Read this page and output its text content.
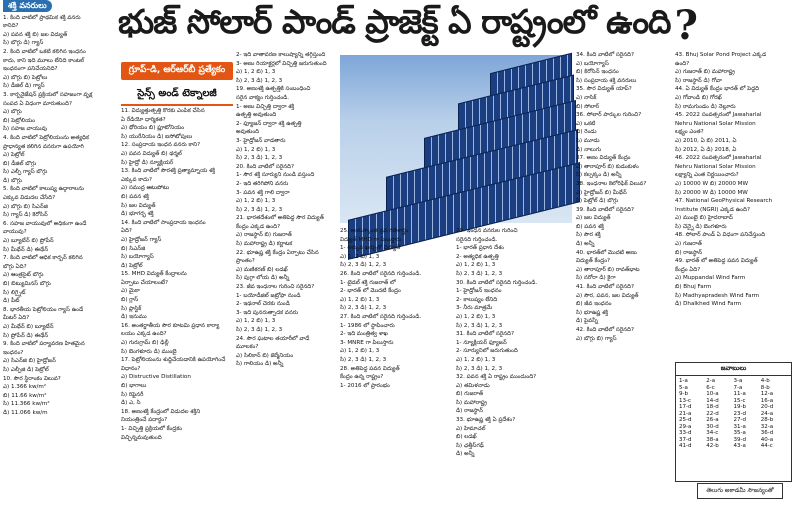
భుజ్ సోలార్ పాండ్ ప్రాజెక్ట్ ఏ రాష్ట్రంలో ఉంది ?
గ్రూప్-డి, ఆర్ఆర్‌బీ ప్రత్యేకం
సైన్స్ అండ్ టెక్నాలజీ
శక్తి వనరులు

1. కింది వాటిలో ప్రాథమిక శక్తి వనరు

కానిది?

ఎ) పవన శక్తి బి) జల విద్యుత్

సి) బొగ్గు డి) గ్యాస్

2. కింది వాటిలో ఒకటి కలిగిన ఇంధనం

కాదు, కాని ఇది మూలు లేనిది కాంటల్

ఇంధనంగా పనిచేయనిది?

ఎ) బొగ్గు బి) పెట్రోలు

సి) డీజిల్ డి) గ్యాస్

3. కార్బనైజేషన్ ప్రక్రియలో సహజంగా వృక్ష

సంపద ఏ విధంగా మారుతుంది?

ఎ) బొగ్గు

బి) పెట్రోలియం

సి) సహజ వాయువు

4. కింది వాటిలో పెట్రోలియంను అత్యధిక

ప్రాధాన్యత కలిగిన వనరుగా ఉపయోగి

ఎ) పెట్రోల్

బి) డీజిల్ బొగ్గు

సి) ఎల్పీ గ్యాస్ బొగ్గు

డి) బొగ్గు

5. కింది వాటిలో కాలుష్య ఉద్గారాలను

ఎక్కువ విడుదల చేసేది?

ఎ) బొగ్గు బి) సిఎన్‌జి

సి) గ్యాస్ డి) కెరోసిన్

6. సహజ వాయువులో అధికంగా ఉండే

వాయువు?

ఎ) బ్యూటేన్ బి) ప్రోపేన్

సి) మీథేన్ డి) ఈథేన్

7. కింది వాటిలో ఆధిక కార్బన్ కలిగిన

బొగ్గు ఏది?

ఎ) ఆంత్రసైట్ బొగ్గు

బి) బిట్యుమినస్ బొగ్గు

సి) లిగ్నైట్

డి) పీట్

8. భారతీయ పెట్రోలియం గ్యాస్ ఉండే

మీటర్ ఏది?

ఎ) మీథేన్ బి) బ్యూటేన్

సి) ప్రోపేన్ డి) ఈథేన్

9. కింది వాటిలో పర్యావరణ హితమైన

ఇంధనం?

ఎ) సిఎన్‌జి బి) హైడ్రోజన్

సి) ఎల్పీజి డి) పెట్రోల్

10. సౌర స్థిరాంకం విలువ?

ఎ) 1.366 kw/m²

బి) 11.66 kw/m²

సి) 11.366 kw/m²

డి) 11.066 kw/m

11. విద్యుత్తుత్పత్తి కొరకు ఎంపిక చేసిన

ఏ రేడియో ధార్మికత?

ఎ) థోరియం బి) ప్లూటోనియం

సి) యురేనియం డి) ఐసోటోపులు

12. సంప్రదాయ ఇంధన వనరు కాని?

ఎ) పవన విద్యుత్ బి) థర్మల్

సి) హైడ్రో డి) న్యూక్లియర్

13. కింది వాటిలో సౌరశక్తి ప్రత్యామ్నాయ శక్తి

ఎక్కువ కాదు?

ఎ) సముద్ర ఆటుపోటు

బి) పవన శక్తి

సి) జల విద్యుత్

డి) భూగర్భ శక్తి

14. కింది వాటిలో సాంప్రదాయ ఇంధనం

ఏది?

ఎ) హైడ్రోజన్ గ్యాస్

బి) సిఎన్‌జి

సి) బయోగ్యాస్

డి) పెట్రోల్

15. MHD విద్యుత్ కేంద్రాలను

ఏర్పాటు చేయాలంటే?

ఎ) మైకా

బి) గ్లాస్

సి) ప్లాస్టిక్

డి) ఇనుము

16. అంతర్జాతీయ సౌర కూటమి ప్రధాన కార్యా

లయం ఎక్కడ ఉంది?

ఎ) గురుగ్రామ్ బి) ఢిల్లీ

సి) బెంగళూరు డి) ముంబై

17. పెట్రోలియంను శుద్ధిచేయడానికి ఉపయోగించే

విధానం?

ఎ) Distructive Distillation

బి) భాగాలు

సి) రిఫైనరీ

డి) ఎ, సి

18. అణుశక్తి కేంద్రంలో విడుదల శక్తిని

నియంత్రించే పదార్థం?

1- విచ్ఛిత్తి ప్రక్రియలో కేంద్రకం

విచ్ఛిన్నమవుతుంది

2- ఇది వాతావరణ కాలుష్యాన్ని తగ్గిస్తుంది

3- అణు రియాక్టర్లలో విచ్ఛిత్తి జరుగుతుంది

ఎ) 1, 2 బి) 1, 3

సి) 2, 3 డి) 1, 2, 3

19. అణుశక్తి ఉత్పత్తికి సంబంధించి

సరైన వాక్యం గుర్తించండి.

1- అణు విచ్ఛిత్తి ద్వారా శక్తి

ఉత్పత్తి అవుతుంది

2- ఫ్యూజన్ ద్వారా శక్తి ఉత్పత్తి

అవుతుంది

3- హైడ్రోజన్ వాడతారు

ఎ) 1, 2 బి) 1, 3

సి) 2, 3 డి) 1, 2, 3

20. కింది వాటిలో సరైనది?

1- సౌర శక్తి సూర్యుని నుండి వస్తుంది

2- ఇది తరిగిపోని వనరు

3- పవన శక్తి గాలి ద్వారా

ఎ) 1, 2 బి) 1, 3

సి) 2, 3 డి) 1, 2, 3

21. భారతదేశంలో అతిపెద్ద సౌర విద్యుత్

కేంద్రం ఎక్కడ ఉంది?

ఎ) రాజస్థాన్ బి) గుజరాత్

సి) మహారాష్ట్ర డి) కర్ణాటక

22. భూఉష్ణ శక్తి కేంద్రం ఏర్పాటు చేసిన

ప్రాంతం?

ఎ) మణికరణ్ బి) లడఖ్

సి) పుగ్గా లోయ డి) అన్నీ

23. జీవ ఇంధనాల గురించి సరైనది?

1- బయోడీజిల్ జట్రోఫా నుండి

2- ఇథనాల్ చెరకు నుండి

3- ఇది పునరుత్పాదక వనరు

ఎ) 1, 2 బి) 1, 3

సి) 2, 3 డి) 1, 2, 3

24. సౌర ఘటాల తయారీలో వాడే

మూలకం?

ఎ) సిలికాన్ బి) జెర్మేనియం

సి) గాలియం డి) అన్నీ

25. అయస్కాంత ద్రవ గతిశాస్త్రం

విద్యుత్ MHD గా పిలుస్తారు

1- తక్కువ ఖర్చుతో విద్యుత్

ఎ) 1, 2 బి) 1, 3

సి) 2, 3 డి) 1, 2, 3

26. కింది వాటిలో సరైనది గుర్తించండి.

1- టైడల్ శక్తి గుజరాత్ లో

2- భారత్ లో మొదటి కేంద్రం

ఎ) 1, 2 బి) 1, 3

సి) 2, 3 డి) 1, 2, 3

27. కింది వాటిలో సరైనది గుర్తించండి.

1- 1986 లో స్థాపించారు

2- ఇది మంత్రిత్వ శాఖ

3- MNRE గా పిలుస్తారు

ఎ) 1, 2 బి) 1, 3

సి) 2, 3 డి) 1, 2, 3

28. అతిపెద్ద పవన విద్యుత్

కేంద్రం ఉన్న రాష్ట్రం?

1- 2016 లో ప్రారంభం

29. ఇంధన వనరుల గురించి

సరైనది గుర్తించండి.

1- భారత్ ప్రధాన దేశం

2- అత్యధిక ఉత్పత్తి

ఎ) 1, 2 బి) 1, 3

సి) 2, 3 డి) 1, 2, 3

30. కింది వాటిలో సరైనది గుర్తించండి.

1- హైడ్రోజన్ ఇంధనం

2- కాలుష్యం లేనిది

3- నీరు మాత్రమే

ఎ) 1, 2 బి) 1, 3

సి) 2, 3 డి) 1, 2, 3

31. కింది వాటిలో సరైనది?

1- న్యూక్లియర్ ఫ్యూజన్

2- సూర్యునిలో జరుగుతుంది

ఎ) 1, 2 బి) 1, 3

సి) 2, 3 డి) 1, 2, 3

32. పవన శక్తి ఏ రాష్ట్రం ముందుంది?

ఎ) తమిళనాడు

బి) గుజరాత్

సి) మహారాష్ట్ర

డి) రాజస్థాన్

33. భూఉష్ణ శక్తి ఏ ప్రదేశం?

ఎ) హిమాచల్

బి) లడఖ్

సి) ఛత్తీస్‌గఢ్

డి) అన్నీ

34. కింది వాటిలో సరైనది?

ఎ) బయోగ్యాస్

బి) కిరోసిన్ ఇంధనం

సి) సంప్రదాయ శక్తి వనరులు

35. సౌర విద్యుత్ యాప్‌?

ఎ) నాసిక్

బి) సోలార్

36. సోలార్ పార్కుల గురించి?

ఎ) ఒకటి

బి) రెండు

సి) మూడు

డి) నాలుగు

37. అణు విద్యుత్ కేంద్రం

ఎ) తారాపూర్ బి) కుడంకుళం

సి) కల్పక్కం డి) అన్నీ

38. ఇంధనాల కెలోరిఫిక్ విలువ?

ఎ) హైడ్రోజన్ బి) మీథేన్

సి) పెట్రోల్ డి) బొగ్గు

39. కింది వాటిలో సరైనది?

ఎ) జల విద్యుత్

బి) పవన శక్తి

సి) సౌర శక్తి

డి) అన్నీ

40. భారత్‌లో మొదటి అణు

విద్యుత్ కేంద్రం?

ఎ) తారాపూర్ బి) రావత్‌భాట

సి) నరోరా డి) కైగా

41. కింది వాటిలో సరైనది?

ఎ) సౌర, పవన, జల విద్యుత్

బి) జీవ ఇంధనం

సి) భూఉష్ణ శక్తి

డి) పైవన్నీ

42. కింది వాటిలో సరైనది?

ఎ) బొగ్గు బి) గ్యాస్

43. Bhuj Solar Pond Project ఎక్కడ

ఉంది?

ఎ) గుజరాత్ బి) మహారాష్ట్ర

సి) రాజస్థాన్ డి) గోవా

44. ఏ విద్యుత్ కేంద్రం భారత్ లో పెద్దది

ఎ) గోవాండి బి) గోరఖ్

సి) రామగుండం డి) నెల్లూరు

45. 2022 సంవత్సరంలో Jawaharlal

Nehru National Solar Mission

లక్ష్యం ఎంత?

ఎ) 2010, ఏ బి) 2011, ఏ

సి) 2012, ఏ డి) 2018, ఏ

46. 2022 సంవత్సరంలో Jawaharlal

Nehru National Solar Mission

లక్ష్యాన్ని ఎంత నిర్ణయించారు?

ఎ) 10000 W బి) 20000 MW

సి) 20000 W డి) 10000 MW

47. National GeoPhysical Research

Institute (NGRI) ఎక్కడ ఉంది?

ఎ) ముంబై బి) హైదరాబాద్

సి) చెన్నై డి) బెంగళూరు

48. సోలార్ పాండ్ ఏ విధంగా పనిచేస్తుంది

ఎ) గుజరాత్

బి) రాజస్థాన్

49. భారత్ లో అతిపెద్ద పవన విద్యుత్

కేంద్రం ఏది?

ఎ) Muppandal Wind Farm

బి) Bhuj Farm

సి) Madhyapradesh Wind Farm

డి) Dhalkhed Wind Farm

జవాబులు
1-a	2-a	3-a	4-b
5-a	6-c	7-a	8-b
9-b	10-a	11-a	12-a
13-c	14-d	15-c	16-a
17-d	18-d	19-b	20-d
21-a	22-d	23-d	24-a
25-d	26-a	27-d	28-b
29-a	30-d	31-a	32-a
33-d	34-c	35-a	36-d
37-d	38-a	39-d	40-a
41-d	42-b	43-a	44-c
తెలుగు అకాడమీ సౌజన్యంతో
